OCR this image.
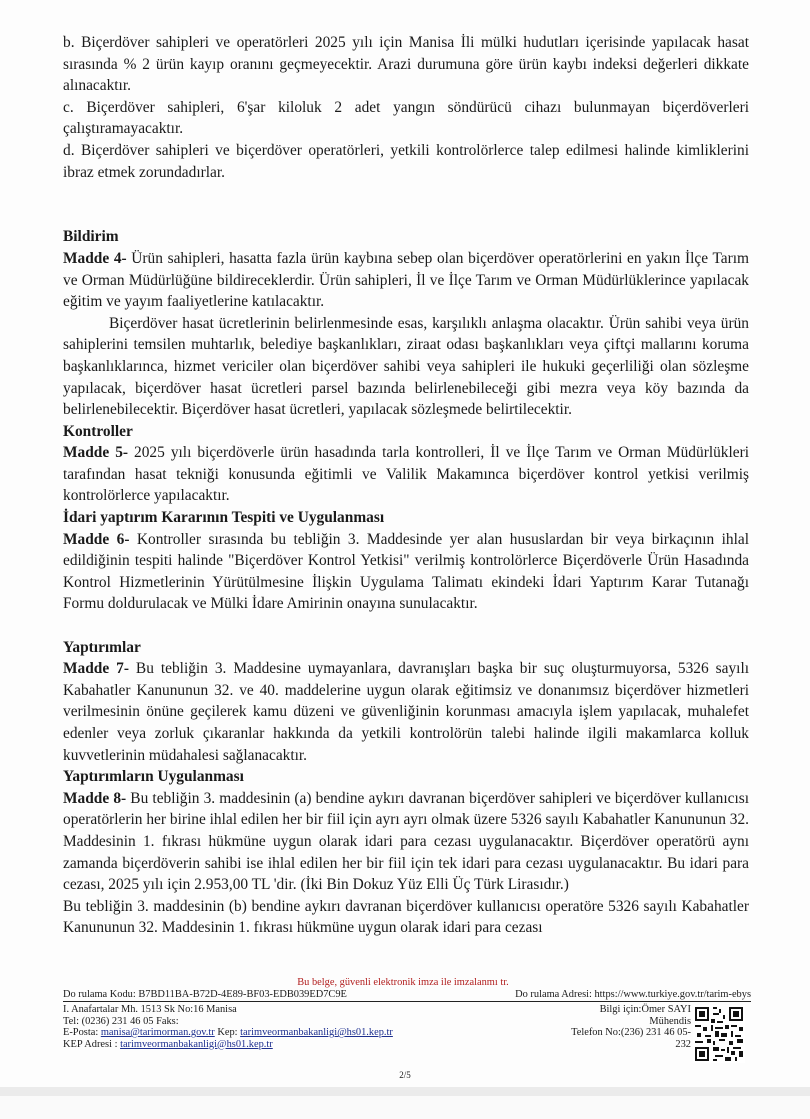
b. Biçerdöver sahipleri ve operatörleri 2025 yılı için Manisa İli mülki hudutları içerisinde yapılacak hasat sırasında % 2 ürün kayıp oranını geçmeyecektir. Arazi durumuna göre ürün kaybı indeksi değerleri dikkate alınacaktır.

c. Biçerdöver sahipleri, 6'şar kiloluk 2 adet yangın söndürücü cihazı bulunmayan biçerdöverleri çalıştıramayacaktır.

d. Biçerdöver sahipleri ve biçerdöver operatörleri, yetkili kontrolörlerce talep edilmesi halinde kimliklerini ibraz etmek zorundadırlar.

Bildirim

Madde 4- Ürün sahipleri, hasatta fazla ürün kaybına sebep olan biçerdöver operatörlerini en yakın İlçe Tarım ve Orman Müdürlüğüne bildireceklerdir. Ürün sahipleri, İl ve İlçe Tarım ve Orman Müdürlüklerince yapılacak eğitim ve yayım faaliyetlerine katılacaktır.

Biçerdöver hasat ücretlerinin belirlenmesinde esas, karşılıklı anlaşma olacaktır. Ürün sahibi veya ürün sahiplerini temsilen muhtarlık, belediye başkanlıkları, ziraat odası başkanlıkları veya çiftçi mallarını koruma başkanlıklarınca, hizmet vericiler olan biçerdöver sahibi veya sahipleri ile hukuki geçerliliği olan sözleşme yapılacak, biçerdöver hasat ücretleri parsel bazında belirlenebileceği gibi mezra veya köy bazında da belirlenebilecektir. Biçerdöver hasat ücretleri, yapılacak sözleşmede belirtilecektir.

Kontroller

Madde 5- 2025 yılı biçerdöverle ürün hasadında tarla kontrolleri, İl ve İlçe Tarım ve Orman Müdürlükleri tarafından hasat tekniği konusunda eğitimli ve Valilik Makamınca biçerdöver kontrol yetkisi verilmiş kontrolörlerce yapılacaktır.

İdari yaptırım Kararının Tespiti ve Uygulanması

Madde 6- Kontroller sırasında bu tebliğin 3. Maddesinde yer alan hususlardan bir veya birkaçının ihlal edildiğinin tespiti halinde "Biçerdöver Kontrol Yetkisi" verilmiş kontrolörlerce Biçerdöverle Ürün Hasadında Kontrol Hizmetlerinin Yürütülmesine İlişkin Uygulama Talimatı ekindeki İdari Yaptırım Karar Tutanağı Formu doldurulacak ve Mülki İdare Amirinin onayına sunulacaktır.

Yaptırımlar

Madde 7- Bu tebliğin 3. Maddesine uymayanlara, davranışları başka bir suç oluşturmuyorsa, 5326 sayılı Kabahatler Kanununun 32. ve 40. maddelerine uygun olarak eğitimsiz ve donanımsız biçerdöver hizmetleri verilmesinin önüne geçilerek kamu düzeni ve güvenliğinin korunması amacıyla işlem yapılacak, muhalefet edenler veya zorluk çıkaranlar hakkında da yetkili kontrolörün talebi halinde ilgili makamlarca kolluk kuvvetlerinin müdahalesi sağlanacaktır.

Yaptırımların Uygulanması

Madde 8- Bu tebliğin 3. maddesinin (a) bendine aykırı davranan biçerdöver sahipleri ve biçerdöver kullanıcısı operatörlerin her birine ihlal edilen her bir fiil için ayrı ayrı olmak üzere 5326 sayılı Kabahatler Kanununun 32. Maddesinin 1. fıkrası hükmüne uygun olarak idari para cezası uygulanacaktır. Biçerdöver operatörü aynı zamanda biçerdöverin sahibi ise ihlal edilen her bir fiil için tek idari para cezası uygulanacaktır. Bu idari para cezası, 2025 yılı için 2.953,00 TL 'dir. (İki Bin Dokuz Yüz Elli Üç Türk Lirasıdır.)

Bu tebliğin 3. maddesinin (b) bendine aykırı davranan biçerdöver kullanıcısı operatöre 5326 sayılı Kabahatler Kanununun 32. Maddesinin 1. fıkrası hükmüne uygun olarak idari para cezası

Bu belge, güvenli elektronik imza ile imzalanmı tr.
Do rulama Kodu: B7BD11BA-B72D-4E89-BF03-EDB039ED7C9E	Do rulama Adresi: https://www.turkiye.gov.tr/tarim-ebys
I. Anafartalar Mh. 1513 Sk No:16 Manisa
Tel: (0236) 231 46 05 Faks:
E-Posta: manisa@tarimorman.gov.tr Kep: tarimveormanbakanligi@hs01.kep.tr
KEP Adresi : tarimveormanbakanligi@hs01.kep.tr
Bilgi için:Ömer SAYI
Mühendis
Telefon No:(236) 231 46 05-
232
2/5
